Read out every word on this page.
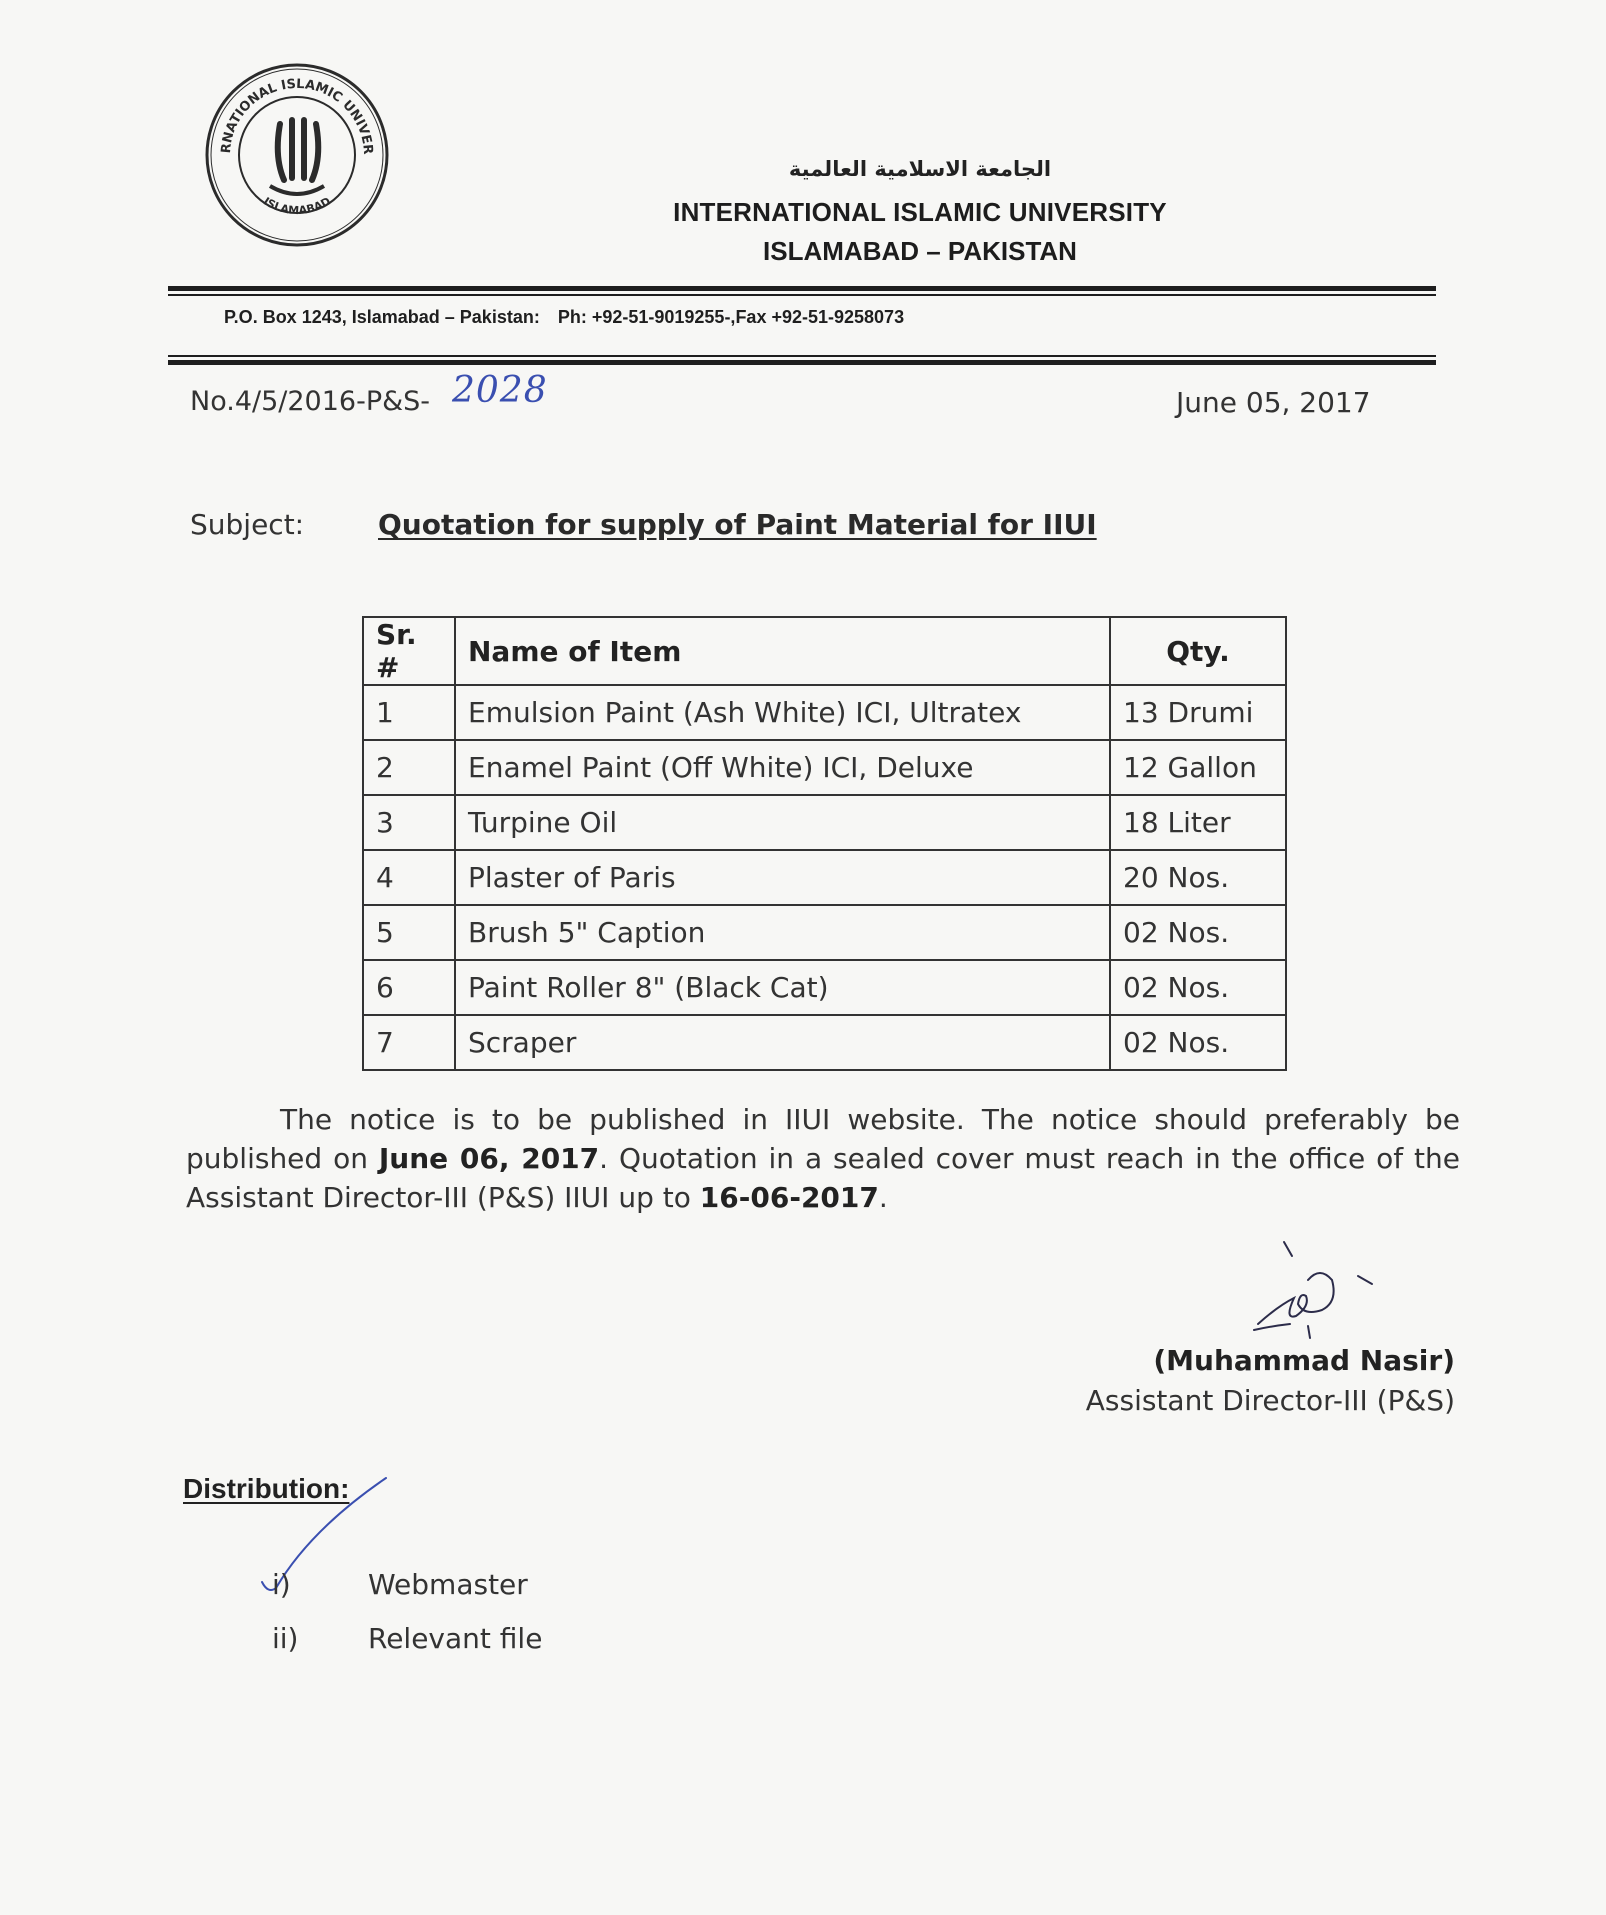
RNATIONAL ISLAMIC UNIVER
ISLAMABAD
الجامعة الاسلامية العالمية
INTERNATIONAL ISLAMIC UNIVERSITY
ISLAMABAD – PAKISTAN
P.O. Box 1243, Islamabad – Pakistan: Ph: +92-51-9019255-,Fax +92-51-9258073
No.4/5/2016-P&S- 2028	June 05, 2017
Subject:	Quotation for supply of Paint Material for IIUI
Sr. #	Name of Item	Qty.
1	Emulsion Paint (Ash White) ICI, Ultratex	13 Drumi
2	Enamel Paint (Off White) ICI, Deluxe	12 Gallon
3	Turpine Oil	18 Liter
4	Plaster of Paris	20 Nos.
5	Brush 5" Caption	02 Nos.
6	Paint Roller 8" (Black Cat)	02 Nos.
7	Scraper	02 Nos.
The notice is to be published in IIUI website. The notice should preferably be published on June 06, 2017. Quotation in a sealed cover must reach in the office of the Assistant Director-III (P&S) IIUI up to 16-06-2017.
(Muhammad Nasir)
Assistant Director-III (P&S)
Distribution:
i)	Webmaster
ii) Relevant file
